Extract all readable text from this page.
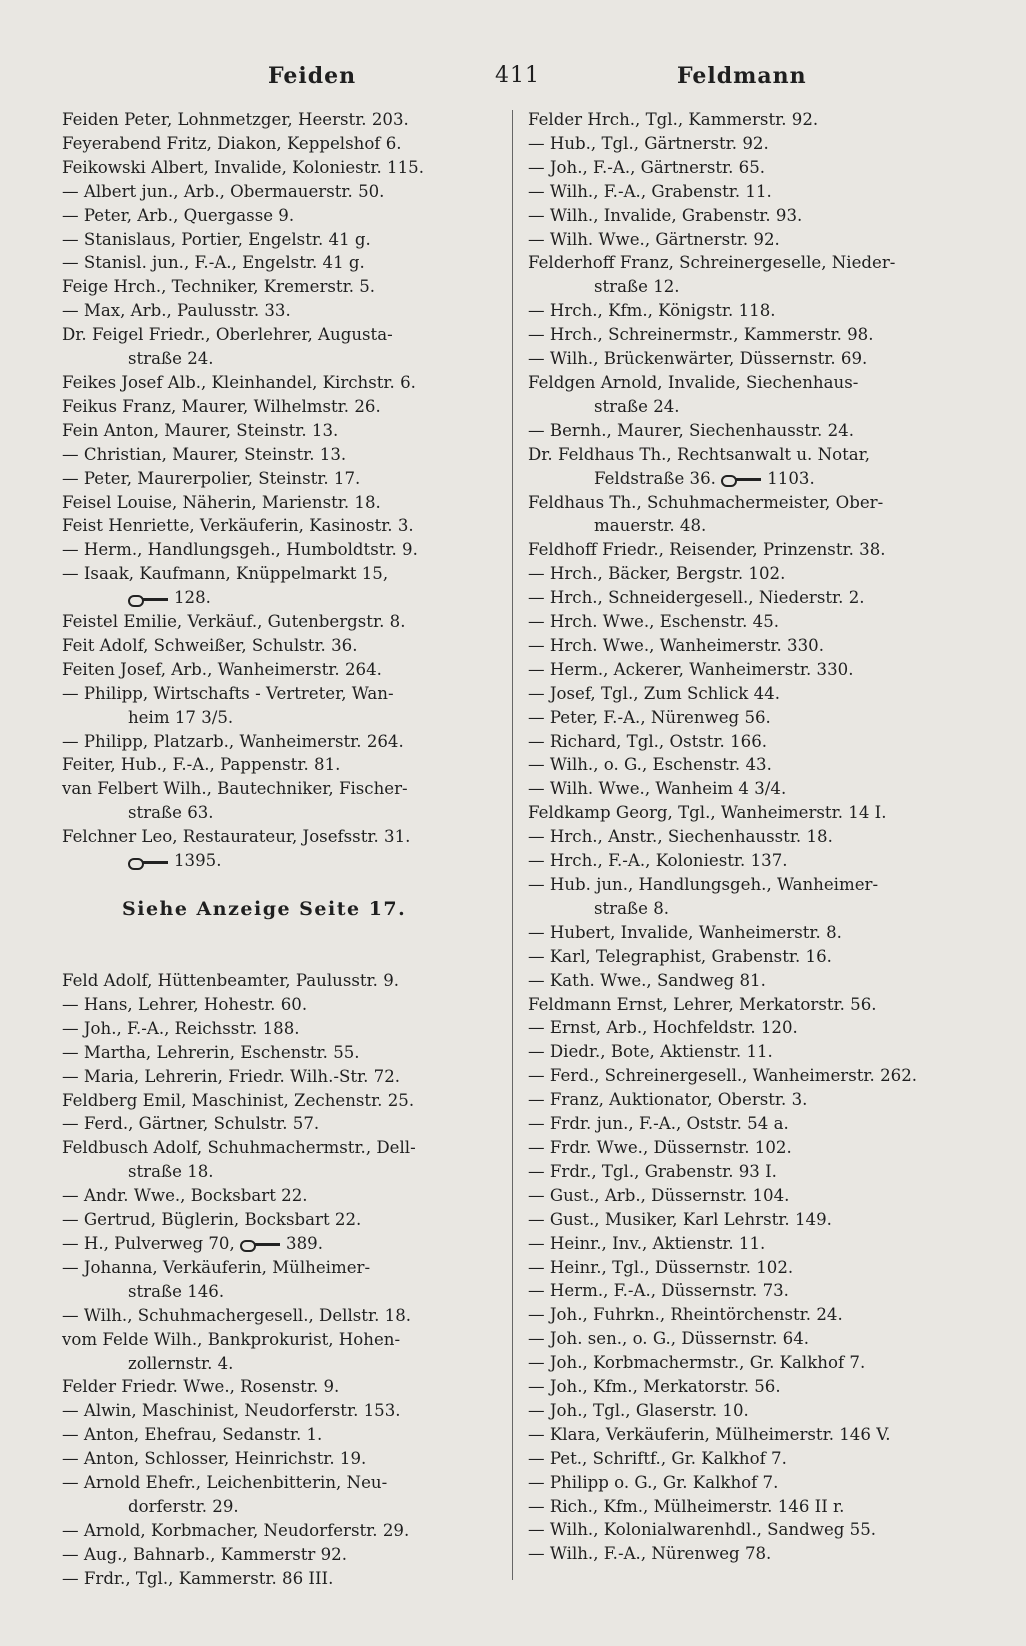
Feiden	411	Feldmann
Feiden Peter, Lohnmetzger, Heerstr. 203.
Feyerabend Fritz, Diakon, Keppelshof 6.
Feikowski Albert, Invalide, Koloniestr. 115.
— Albert jun., Arb., Obermauerstr. 50.
— Peter, Arb., Quergasse 9.
— Stanislaus, Portier, Engelstr. 41 g.
— Stanisl. jun., F.-A., Engelstr. 41 g.
Feige Hrch., Techniker, Kremerstr. 5.
— Max, Arb., Paulusstr. 33.
Dr. Feigel Friedr., Oberlehrer, Augusta-
straße 24.
Feikes Josef Alb., Kleinhandel, Kirchstr. 6.
Feikus Franz, Maurer, Wilhelmstr. 26.
Fein Anton, Maurer, Steinstr. 13.
— Christian, Maurer, Steinstr. 13.
— Peter, Maurerpolier, Steinstr. 17.
Feisel Louise, Näherin, Marienstr. 18.
Feist Henriette, Verkäuferin, Kasinostr. 3.
— Herm., Handlungsgeh., Humboldtstr. 9.
— Isaak, Kaufmann, Knüppelmarkt 15,
128.
Feistel Emilie, Verkäuf., Gutenbergstr. 8.
Feit Adolf, Schweißer, Schulstr. 36.
Feiten Josef, Arb., Wanheimerstr. 264.
— Philipp, Wirtschafts - Vertreter, Wan-
heim 17 3/5.
— Philipp, Platzarb., Wanheimerstr. 264.
Feiter, Hub., F.-A., Pappenstr. 81.
van Felbert Wilh., Bautechniker, Fischer-
straße 63.
Felchner Leo, Restaurateur, Josefsstr. 31.
1395.
Siehe Anzeige Seite 17.
Feld Adolf, Hüttenbeamter, Paulusstr. 9.
— Hans, Lehrer, Hohestr. 60.
— Joh., F.-A., Reichsstr. 188.
— Martha, Lehrerin, Eschenstr. 55.
— Maria, Lehrerin, Friedr. Wilh.-Str. 72.
Feldberg Emil, Maschinist, Zechenstr. 25.
— Ferd., Gärtner, Schulstr. 57.
Feldbusch Adolf, Schuhmachermstr., Dell-
straße 18.
— Andr. Wwe., Bocksbart 22.
— Gertrud, Büglerin, Bocksbart 22.
— H., Pulverweg 70,	389.
— Johanna, Verkäuferin, Mülheimer-
straße 146.
— Wilh., Schuhmachergesell., Dellstr. 18.
vom Felde Wilh., Bankprokurist, Hohen-
zollernstr. 4.
Felder Friedr. Wwe., Rosenstr. 9.
— Alwin, Maschinist, Neudorferstr. 153.
— Anton, Ehefrau, Sedanstr. 1.
— Anton, Schlosser, Heinrichstr. 19.
— Arnold Ehefr., Leichenbitterin, Neu-
dorferstr. 29.
— Arnold, Korbmacher, Neudorferstr. 29.
— Aug., Bahnarb., Kammerstr 92.
— Frdr., Tgl., Kammerstr. 86 III.
Felder Hrch., Tgl., Kammerstr. 92.
— Hub., Tgl., Gärtnerstr. 92.
— Joh., F.-A., Gärtnerstr. 65.
— Wilh., F.-A., Grabenstr. 11.
— Wilh., Invalide, Grabenstr. 93.
— Wilh. Wwe., Gärtnerstr. 92.
Felderhoff Franz, Schreinergeselle, Nieder-
straße 12.
— Hrch., Kfm., Königstr. 118.
— Hrch., Schreinermstr., Kammerstr. 98.
— Wilh., Brückenwärter, Düssernstr. 69.
Feldgen Arnold, Invalide, Siechenhaus-
straße 24.
— Bernh., Maurer, Siechenhausstr. 24.
Dr. Feldhaus Th., Rechtsanwalt u. Notar,
Feldstraße 36.	1103.
Feldhaus Th., Schuhmachermeister, Ober-
mauerstr. 48.
Feldhoff Friedr., Reisender, Prinzenstr. 38.
— Hrch., Bäcker, Bergstr. 102.
— Hrch., Schneidergesell., Niederstr. 2.
— Hrch. Wwe., Eschenstr. 45.
— Hrch. Wwe., Wanheimerstr. 330.
— Herm., Ackerer, Wanheimerstr. 330.
— Josef, Tgl., Zum Schlick 44.
— Peter, F.-A., Nürenweg 56.
— Richard, Tgl., Oststr. 166.
— Wilh., o. G., Eschenstr. 43.
— Wilh. Wwe., Wanheim 4 3/4.
Feldkamp Georg, Tgl., Wanheimerstr. 14 I.
— Hrch., Anstr., Siechenhausstr. 18.
— Hrch., F.-A., Koloniestr. 137.
— Hub. jun., Handlungsgeh., Wanheimer-
straße 8.
— Hubert, Invalide, Wanheimerstr. 8.
— Karl, Telegraphist, Grabenstr. 16.
— Kath. Wwe., Sandweg 81.
Feldmann Ernst, Lehrer, Merkatorstr. 56.
— Ernst, Arb., Hochfeldstr. 120.
— Diedr., Bote, Aktienstr. 11.
— Ferd., Schreinergesell., Wanheimerstr. 262.
— Franz, Auktionator, Oberstr. 3.
— Frdr. jun., F.-A., Oststr. 54 a.
— Frdr. Wwe., Düssernstr. 102.
— Frdr., Tgl., Grabenstr. 93 I.
— Gust., Arb., Düssernstr. 104.
— Gust., Musiker, Karl Lehrstr. 149.
— Heinr., Inv., Aktienstr. 11.
— Heinr., Tgl., Düssernstr. 102.
— Herm., F.-A., Düssernstr. 73.
— Joh., Fuhrkn., Rheintörchenstr. 24.
— Joh. sen., o. G., Düssernstr. 64.
— Joh., Korbmachermstr., Gr. Kalkhof 7.
— Joh., Kfm., Merkatorstr. 56.
— Joh., Tgl., Glaserstr. 10.
— Klara, Verkäuferin, Mülheimerstr. 146 V.
— Pet., Schriftf., Gr. Kalkhof 7.
— Philipp o. G., Gr. Kalkhof 7.
— Rich., Kfm., Mülheimerstr. 146 II r.
— Wilh., Kolonialwarenhdl., Sandweg 55.
— Wilh., F.-A., Nürenweg 78.
